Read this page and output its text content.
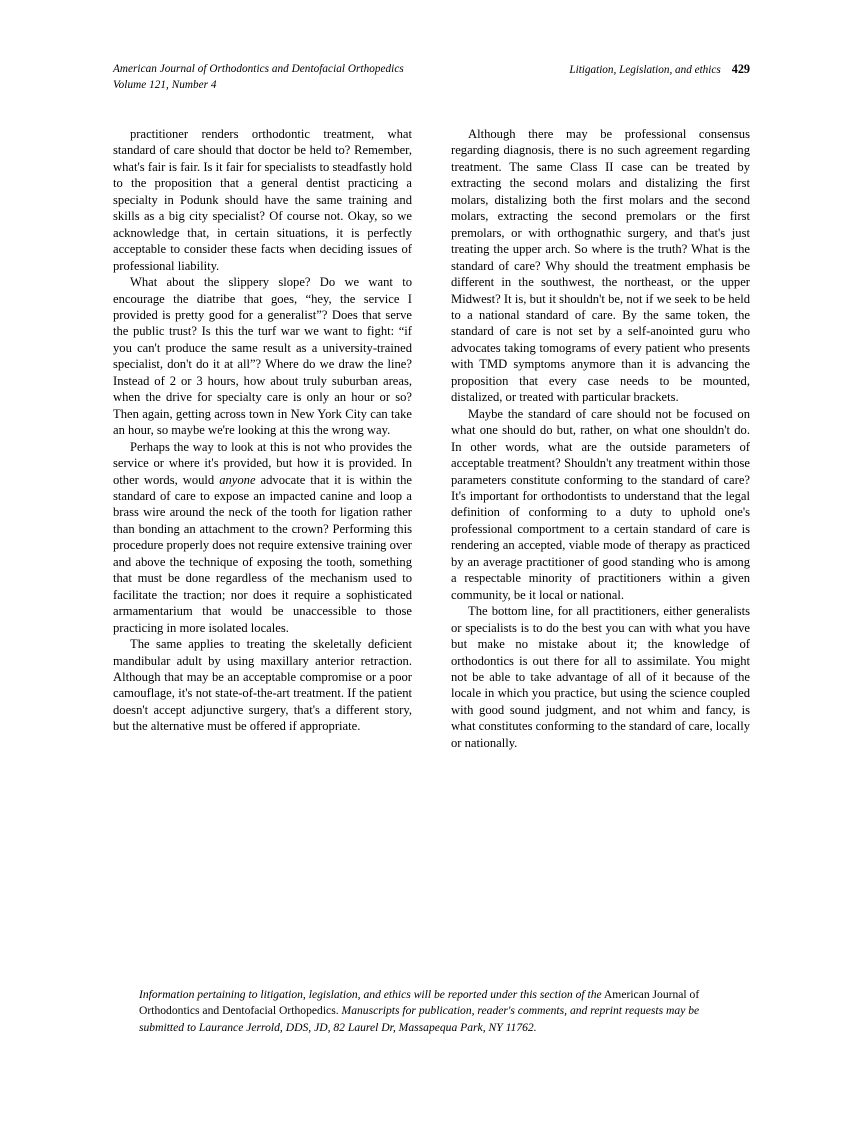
American Journal of Orthodontics and Dentofacial Orthopedics
Volume 121, Number 4
Litigation, Legislation, and ethics 429

practitioner renders orthodontic treatment, what standard of care should that doctor be held to? Remember, what's fair is fair. Is it fair for specialists to steadfastly hold to the proposition that a general dentist practicing a specialty in Podunk should have the same training and skills as a big city specialist? Of course not. Okay, so we acknowledge that, in certain situations, it is perfectly acceptable to consider these facts when deciding issues of professional liability.

What about the slippery slope? Do we want to encourage the diatribe that goes, “hey, the service I provided is pretty good for a generalist”? Does that serve the public trust? Is this the turf war we want to fight: “if you can't produce the same result as a university-trained specialist, don't do it at all”? Where do we draw the line? Instead of 2 or 3 hours, how about truly suburban areas, when the drive for specialty care is only an hour or so? Then again, getting across town in New York City can take an hour, so maybe we're looking at this the wrong way.

Perhaps the way to look at this is not who provides the service or where it's provided, but how it is provided. In other words, would anyone advocate that it is within the standard of care to expose an impacted canine and loop a brass wire around the neck of the tooth for ligation rather than bonding an attachment to the crown? Performing this procedure properly does not require extensive training over and above the technique of exposing the tooth, something that must be done regardless of the mechanism used to facilitate the traction; nor does it require a sophisticated armamentarium that would be unaccessible to those practicing in more isolated locales.

The same applies to treating the skeletally deficient mandibular adult by using maxillary anterior retraction. Although that may be an acceptable compromise or a poor camouflage, it's not state-of-the-art treatment. If the patient doesn't accept adjunctive surgery, that's a different story, but the alternative must be offered if appropriate.

Although there may be professional consensus regarding diagnosis, there is no such agreement regarding treatment. The same Class II case can be treated by extracting the second molars and distalizing the first molars, distalizing both the first molars and the second molars, extracting the second premolars or the first premolars, or with orthognathic surgery, and that's just treating the upper arch. So where is the truth? What is the standard of care? Why should the treatment emphasis be different in the southwest, the northeast, or the upper Midwest? It is, but it shouldn't be, not if we seek to be held to a national standard of care. By the same token, the standard of care is not set by a self-anointed guru who advocates taking tomograms of every patient who presents with TMD symptoms anymore than it is advancing the proposition that every case needs to be mounted, distalized, or treated with particular brackets.

Maybe the standard of care should not be focused on what one should do but, rather, on what one shouldn't do. In other words, what are the outside parameters of acceptable treatment? Shouldn't any treatment within those parameters constitute conforming to the standard of care? It's important for orthodontists to understand that the legal definition of conforming to a duty to uphold one's professional comportment to a certain standard of care is rendering an accepted, viable mode of therapy as practiced by an average practitioner of good standing who is among a respectable minority of practitioners within a given community, be it local or national.

The bottom line, for all practitioners, either generalists or specialists is to do the best you can with what you have but make no mistake about it; the knowledge of orthodontics is out there for all to assimilate. You might not be able to take advantage of all of it because of the locale in which you practice, but using the science coupled with good sound judgment, and not whim and fancy, is what constitutes conforming to the standard of care, locally or nationally.

Information pertaining to litigation, legislation, and ethics will be reported under this section of the American Journal of Orthodontics and Dentofacial Orthopedics. Manuscripts for publication, reader's comments, and reprint requests may be submitted to Laurance Jerrold, DDS, JD, 82 Laurel Dr, Massapequa Park, NY 11762.
